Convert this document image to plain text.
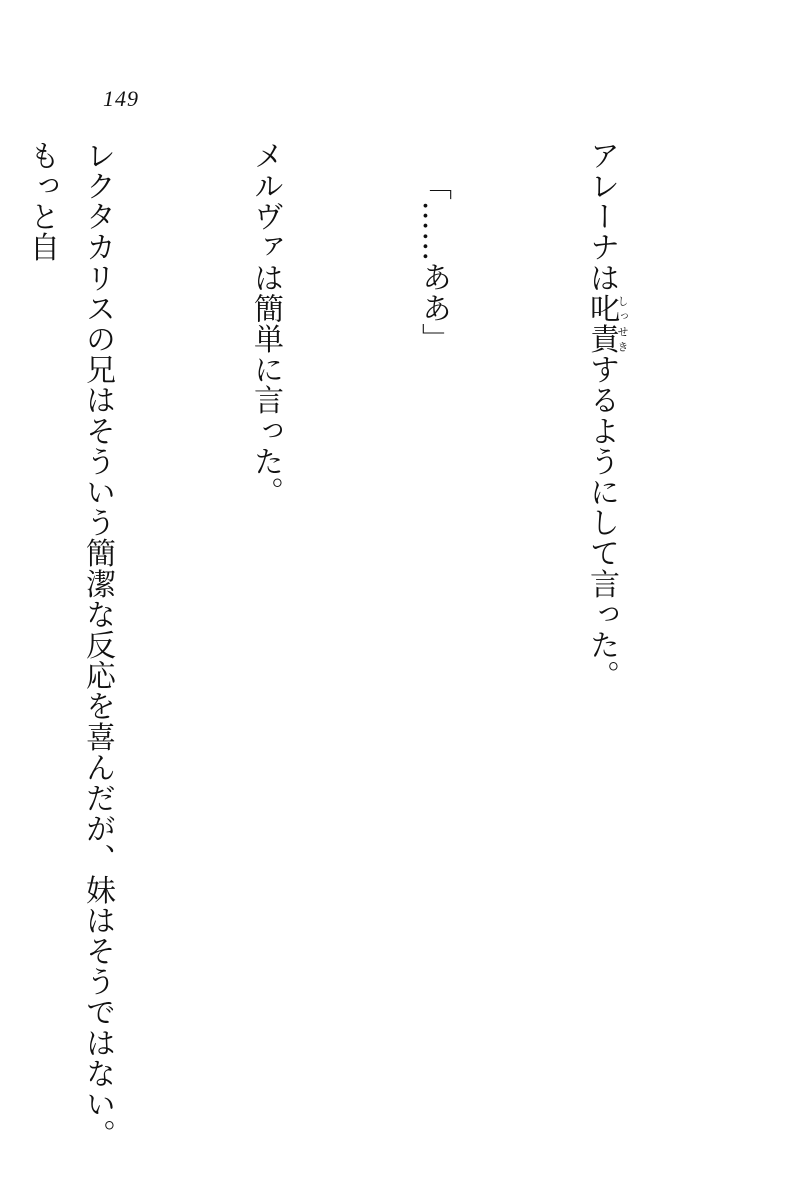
149

アレーナは叱責しっせきするようにして言った。

「……ああ」

メルヴァは簡単に言った。

レクタカリスの兄はそういう簡潔な反応を喜んだが、妹はそうではない。もっと自
